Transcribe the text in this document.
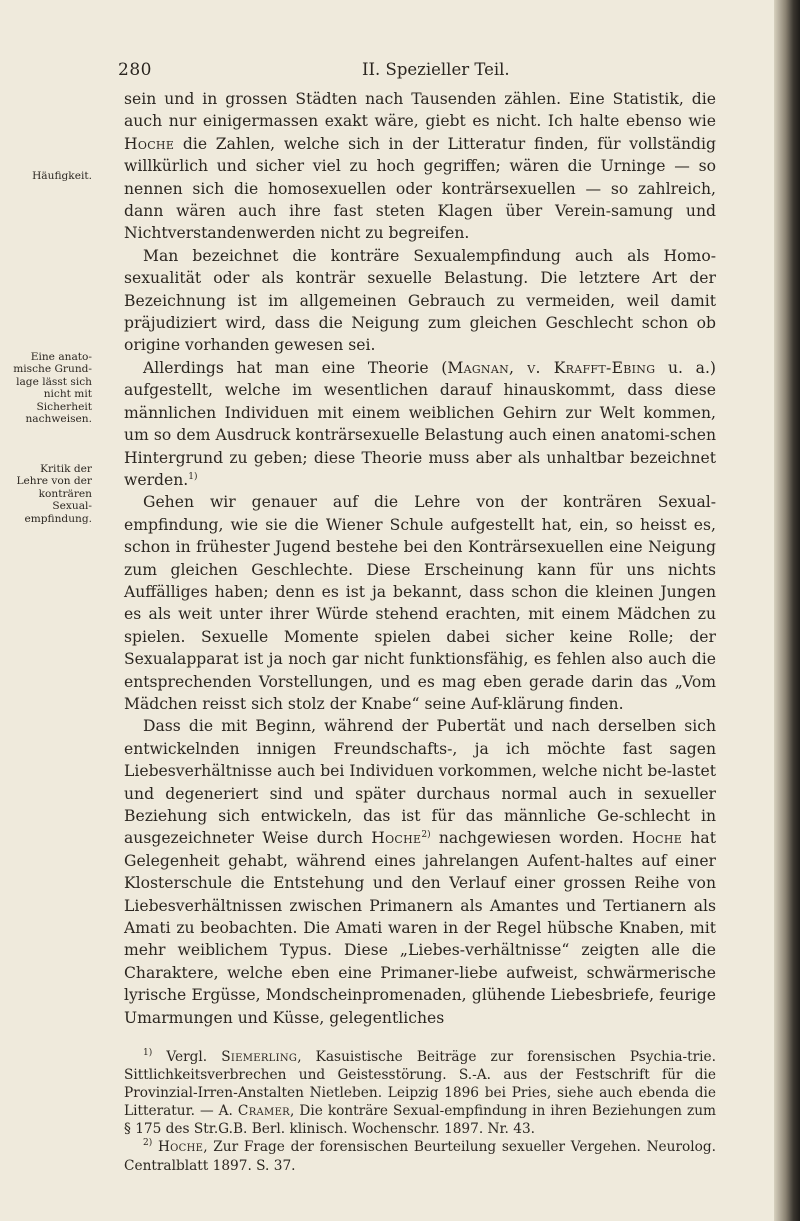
280	II. Spezieller Teil.
Häufigkeit.
Eine anato-
mische Grund-
lage lässt sich
nicht mit
Sicherheit
nachweisen.
Kritik der
Lehre von der
konträren
Sexual-
empfindung.

sein und in grossen Städten nach Tausenden zählen. Eine Statistik, die auch nur einigermassen exakt wäre, giebt es nicht. Ich halte ebenso wie Hoche die Zahlen, welche sich in der Litteratur finden, für vollständig willkürlich und sicher viel zu hoch gegriffen; wären die Urninge — so nennen sich die homosexuellen oder konträrsexuellen — so zahlreich, dann wären auch ihre fast steten Klagen über Verein-samung und Nichtverstandenwerden nicht zu begreifen.

Man bezeichnet die konträre Sexualempfindung auch als Homo-sexualität oder als konträr sexuelle Belastung. Die letztere Art der Bezeichnung ist im allgemeinen Gebrauch zu vermeiden, weil damit präjudiziert wird, dass die Neigung zum gleichen Geschlecht schon ob origine vorhanden gewesen sei.

Allerdings hat man eine Theorie (Magnan, v. Krafft-Ebing u. a.) aufgestellt, welche im wesentlichen darauf hinauskommt, dass diese männlichen Individuen mit einem weiblichen Gehirn zur Welt kommen, um so dem Ausdruck konträrsexuelle Belastung auch einen anatomi-schen Hintergrund zu geben; diese Theorie muss aber als unhaltbar bezeichnet werden.$^{1)}$

Gehen wir genauer auf die Lehre von der konträren Sexual-empfindung, wie sie die Wiener Schule aufgestellt hat, ein, so heisst es, schon in frühester Jugend bestehe bei den Konträrsexuellen eine Neigung zum gleichen Geschlechte. Diese Erscheinung kann für uns nichts Auffälliges haben; denn es ist ja bekannt, dass schon die kleinen Jungen es als weit unter ihrer Würde stehend erachten, mit einem Mädchen zu spielen. Sexuelle Momente spielen dabei sicher keine Rolle; der Sexualapparat ist ja noch gar nicht funktionsfähig, es fehlen also auch die entsprechenden Vorstellungen, und es mag eben gerade darin das „Vom Mädchen reisst sich stolz der Knabe“ seine Auf-klärung finden.

Dass die mit Beginn, während der Pubertät und nach derselben sich entwickelnden innigen Freundschafts-, ja ich möchte fast sagen Liebesverhältnisse auch bei Individuen vorkommen, welche nicht be-lastet und degeneriert sind und später durchaus normal auch in sexueller Beziehung sich entwickeln, das ist für das männliche Ge-schlecht in ausgezeichneter Weise durch Hoche$^{2)}$ nachgewiesen worden. Hoche hat Gelegenheit gehabt, während eines jahrelangen Aufent-haltes auf einer Klosterschule die Entstehung und den Verlauf einer grossen Reihe von Liebesverhältnissen zwischen Primanern als Amantes und Tertianern als Amati zu beobachten. Die Amati waren in der Regel hübsche Knaben, mit mehr weiblichem Typus. Diese „Liebes-verhältnisse“ zeigten alle die Charaktere, welche eben eine Primaner-liebe aufweist, schwärmerische lyrische Ergüsse, Mondscheinpromenaden, glühende Liebesbriefe, feurige Umarmungen und Küsse, gelegentliches

$^{1)}$ Vergl. Siemerling, Kasuistische Beiträge zur forensischen Psychia-trie. Sittlichkeitsverbrechen und Geistesstörung. S.-A. aus der Festschrift für die Provinzial-Irren-Anstalten Nietleben. Leipzig 1896 bei Pries, siehe auch ebenda die Litteratur. — A. Cramer, Die konträre Sexual-empfindung in ihren Beziehungen zum § 175 des Str.G.B. Berl. klinisch. Wochenschr. 1897. Nr. 43.

$^{2)}$ Hoche, Zur Frage der forensischen Beurteilung sexueller Vergehen. Neurolog. Centralblatt 1897. S. 37.
